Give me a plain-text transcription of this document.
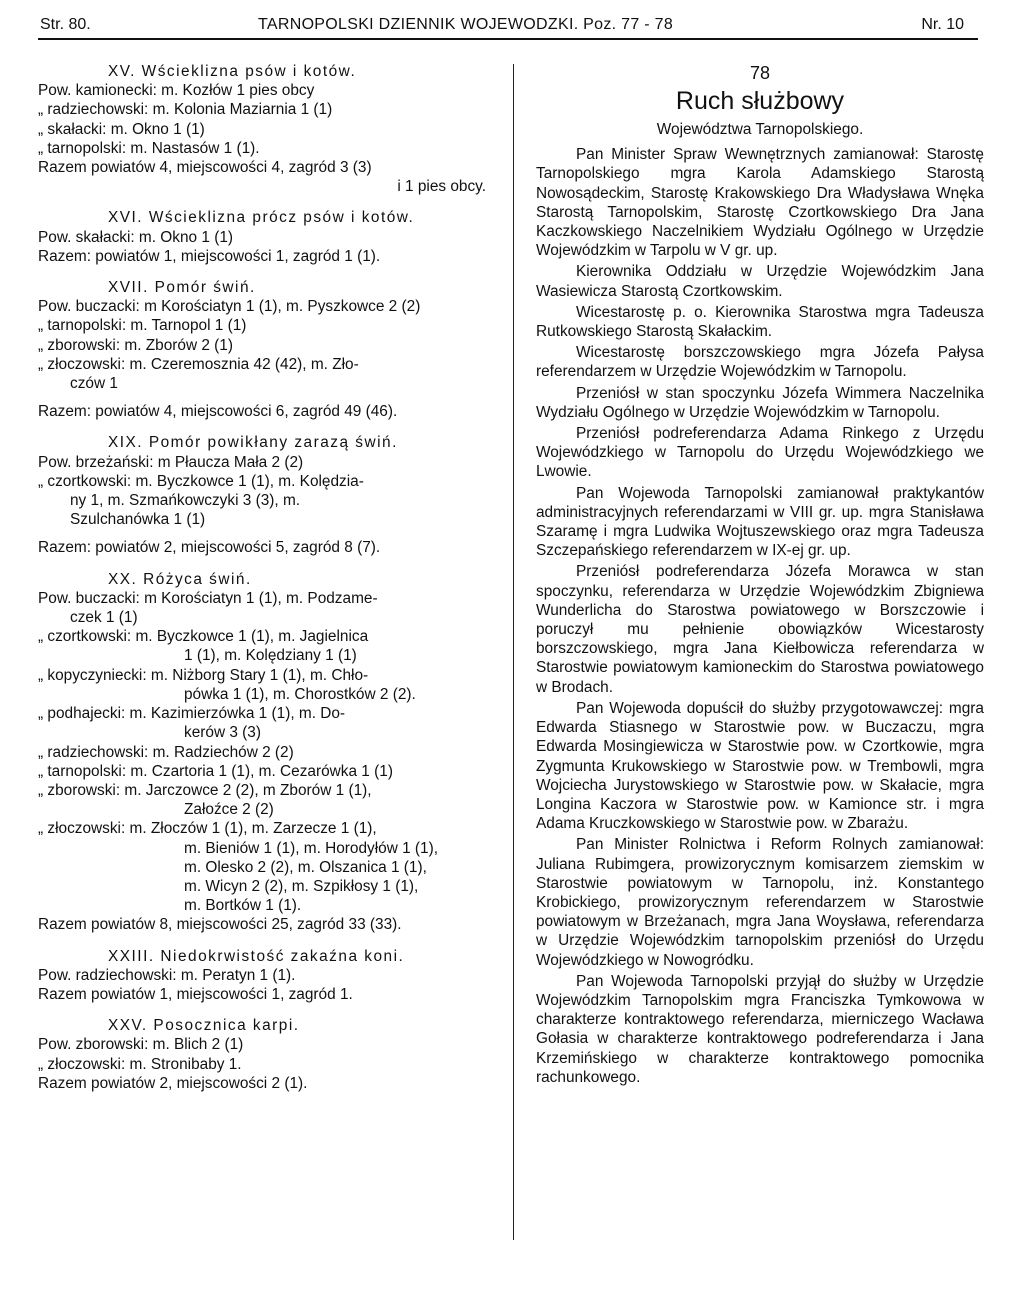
Str. 80.	TARNOPOLSKI DZIENNIK WOJEWODZKI. Poz. 77 - 78	Nr. 10
XV. Wścieklizna psów i kotów.
Pow. kamionecki: m. Kozłów 1 pies obcy
„ radziechowski: m. Kolonia Maziarnia 1 (1)
„ skałacki: m. Okno 1 (1)
„ tarnopolski: m. Nastasów 1 (1).
Razem powiatów 4, miejscowości 4, zagród 3 (3)
i 1 pies obcy.
XVI. Wścieklizna prócz psów i kotów.
Pow. skałacki: m. Okno 1 (1)
Razem: powiatów 1, miejscowości 1, zagród 1 (1).
XVII. Pomór świń.
Pow. buczacki: m Korościatyn 1 (1), m. Pyszkowce 2 (2)
„ tarnopolski: m. Tarnopol 1 (1)
„ zborowski: m. Zborów 2 (1)
„ złoczowski: m. Czeremosznia 42 (42), m. Zło-
czów 1
Razem: powiatów 4, miejscowości 6, zagród 49 (46).
XIX. Pomór powikłany zarazą świń.
Pow. brzeżański: m Płaucza Mała 2 (2)
„ czortkowski: m. Byczkowce 1 (1), m. Kolędzia-
ny 1, m. Szmańkowczyki 3 (3), m.
Szulchanówka 1 (1)
Razem: powiatów 2, miejscowości 5, zagród 8 (7).
XX. Różyca świń.
Pow. buczacki: m Korościatyn 1 (1), m. Podzame-
czek 1 (1)
„ czortkowski: m. Byczkowce 1 (1), m. Jagielnica
1 (1), m. Kolędziany 1 (1)
„ kopyczyniecki: m. Niżborg Stary 1 (1), m. Chło-
pówka 1 (1), m. Chorostków 2 (2).
„ podhajecki: m. Kazimierzówka 1 (1), m. Do-
kerów 3 (3)
„ radziechowski: m. Radziechów 2 (2)
„ tarnopolski: m. Czartoria 1 (1), m. Cezarówka 1 (1)
„ zborowski: m. Jarczowce 2 (2), m Zborów 1 (1),
Załoźce 2 (2)
„ złoczowski: m. Złoczów 1 (1), m. Zarzecze 1 (1),
m. Bieniów 1 (1), m. Horodyłów 1 (1),
m. Olesko 2 (2), m. Olszanica 1 (1),
m. Wicyn 2 (2), m. Szpikłosy 1 (1),
m. Bortków 1 (1).
Razem powiatów 8, miejscowości 25, zagród 33 (33).
XXIII. Niedokrwistość zakaźna koni.
Pow. radziechowski: m. Peratyn 1 (1).
Razem powiatów 1, miejscowości 1, zagród 1.
XXV. Posocznica karpi.
Pow. zborowski: m. Blich 2 (1)
„ złoczowski: m. Stronibaby 1.
Razem powiatów 2, miejscowości 2 (1).
78
Ruch służbowy
Województwa Tarnopolskiego.
Pan Minister Spraw Wewnętrznych zamianował: Starostę Tarnopolskiego mgra Karola Adamskiego Starostą Nowosądeckim, Starostę Krakowskiego Dra Władysława Wnęka Starostą Tarnopolskim, Starostę Czortkowskiego Dra Jana Kaczkowskiego Naczelnikiem Wydziału Ogólnego w Urzędzie Wojewódzkim w Tarpolu w V gr. up.
Kierownika Oddziału w Urzędzie Wojewódzkim Jana Wasiewicza Starostą Czortkowskim.
Wicestarostę p. o. Kierownika Starostwa mgra Tadeusza Rutkowskiego Starostą Skałackim.
Wicestarostę borszczowskiego mgra Józefa Pałysa referendarzem w Urzędzie Wojewódzkim w Tarnopolu.
Przeniósł w stan spoczynku Józefa Wimmera Naczelnika Wydziału Ogólnego w Urzędzie Wojewódzkim w Tarnopolu.
Przeniósł podreferendarza Adama Rinkego z Urzędu Wojewódzkiego w Tarnopolu do Urzędu Wojewódzkiego we Lwowie.
Pan Wojewoda Tarnopolski zamianował praktykantów administracyjnych referendarzami w VIII gr. up. mgra Stanisława Szaramę i mgra Ludwika Wojtuszewskiego oraz mgra Tadeusza Szczepańskiego referendarzem w IX-ej gr. up.
Przeniósł podreferendarza Józefa Morawca w stan spoczynku, referendarza w Urzędzie Wojewódzkim Zbigniewa Wunderlicha do Starostwa powiatowego w Borszczowie i poruczył mu pełnienie obowiązków Wicestarosty borszczowskiego, mgra Jana Kiełbowicza referendarza w Starostwie powiatowym kamioneckim do Starostwa powiatowego w Brodach.
Pan Wojewoda dopuścił do służby przygotowawczej: mgra Edwarda Stiasnego w Starostwie pow. w Buczaczu, mgra Edwarda Mosingiewicza w Starostwie pow. w Czortkowie, mgra Zygmunta Krukowskiego w Starostwie pow. w Trembowli, mgra Wojciecha Jurystowskiego w Starostwie pow. w Skałacie, mgra Longina Kaczora w Starostwie pow. w Kamionce str. i mgra Adama Kruczkowskiego w Starostwie pow. w Zbarażu.
Pan Minister Rolnictwa i Reform Rolnych zamianował: Juliana Rubimgera, prowizorycznym komisarzem ziemskim w Starostwie powiatowym w Tarnopolu, inż. Konstantego Krobickiego, prowizorycznym referendarzem w Starostwie powiatowym w Brzeżanach, mgra Jana Woysława, referendarza w Urzędzie Wojewódzkim tarnopolskim przeniósł do Urzędu Wojewódzkiego w Nowogródku.
Pan Wojewoda Tarnopolski przyjął do służby w Urzędzie Wojewódzkim Tarnopolskim mgra Franciszka Tymkowowa w charakterze kontraktowego referendarza, mierniczego Wacława Gołasia w charakterze kontraktowego podreferendarza i Jana Krzemińskiego w charakterze kontraktowego pomocnika rachunkowego.
